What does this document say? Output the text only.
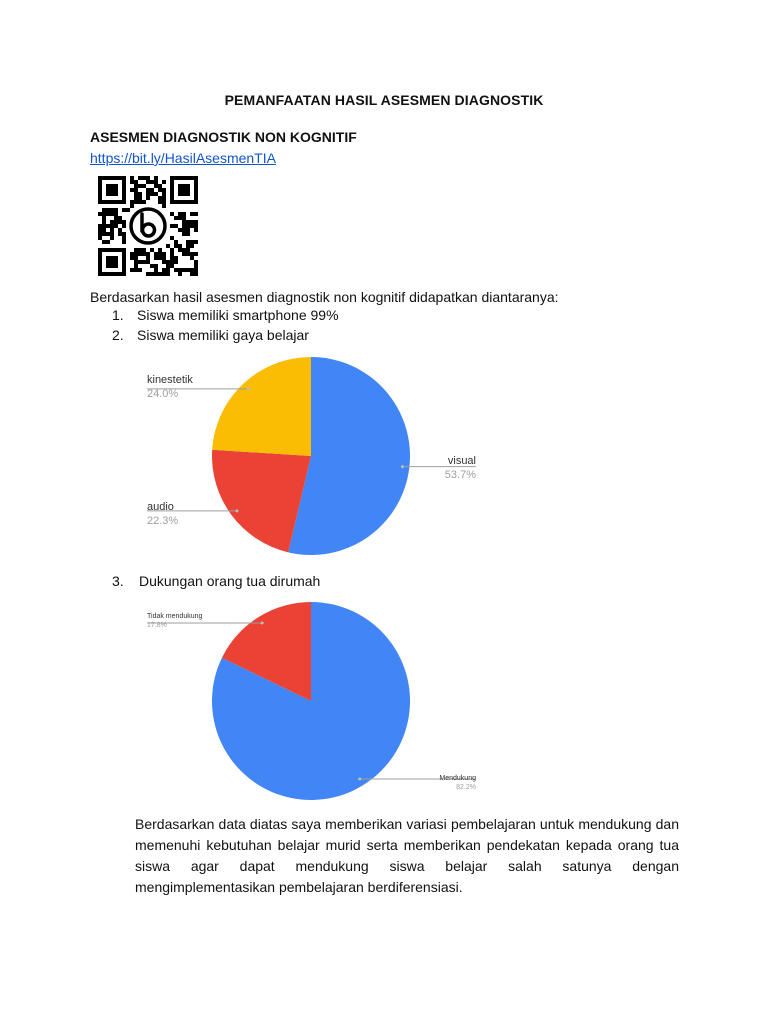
PEMANFAATAN HASIL ASESMEN DIAGNOSTIK
ASESMEN DIAGNOSTIK NON KOGNITIF
https://bit.ly/HasilAsesmenTIA
Berdasarkan hasil asesmen diagnostik non kognitif didapatkan diantaranya:
1. Siswa memiliki smartphone 99%
2. Siswa memiliki gaya belajar
visual
53.7%
audio
22.3%
kinestetik
24.0%
3. Dukungan orang tua dirumah
Mendukung
82.2%
Tidak mendukung
17.8%
Berdasarkan data diatas saya memberikan variasi pembelajaran untuk mendukung dan memenuhi kebutuhan belajar murid serta memberikan pendekatan kepada orang tua siswa agar dapat mendukung siswa belajar salah satunya dengan mengimplementasikan pembelajaran berdiferensiasi.
